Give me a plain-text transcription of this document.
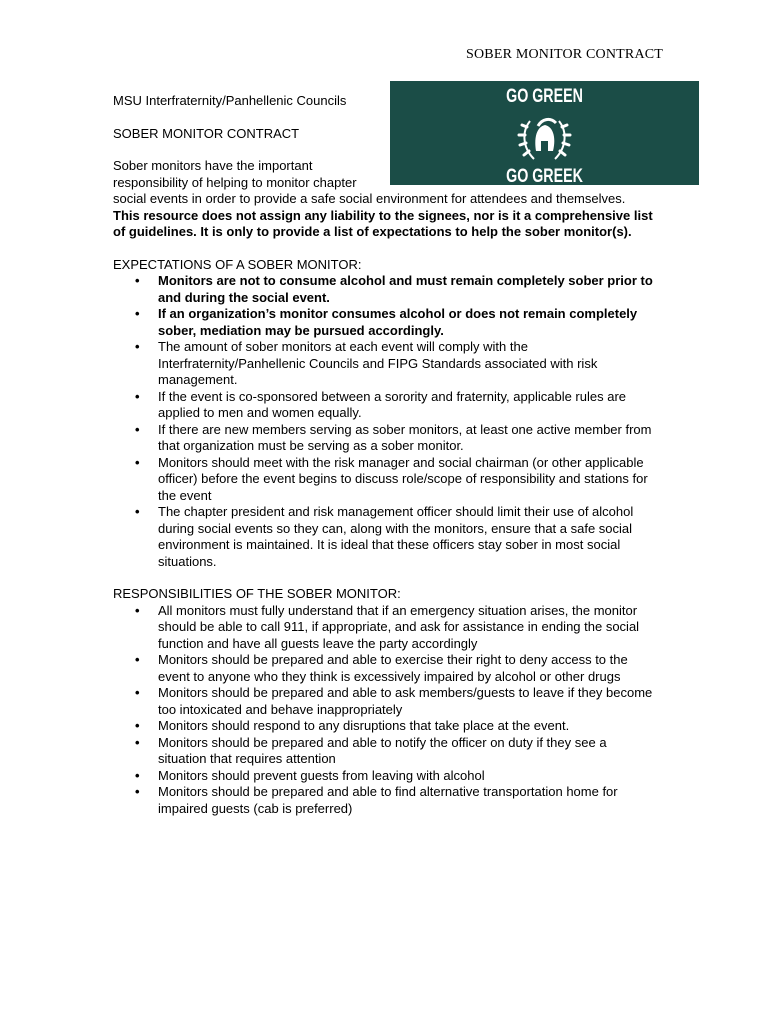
SOBER MONITOR CONTRACT
GO GREEN
GO GREEK

MSU Interfraternity/Panhellenic Councils

SOBER MONITOR CONTRACT

Sober monitors have the important

responsibility of helping to monitor chapter

social events in order to provide a safe social environment for attendees and themselves. This resource does not assign any liability to the signees, nor is it a comprehensive list of guidelines. It is only to provide a list of expectations to help the sober monitor(s).

EXPECTATIONS OF A SOBER MONITOR:

• Monitors are not to consume alcohol and must remain completely sober prior to and during the social event.
• If an organization’s monitor consumes alcohol or does not remain completely sober, mediation may be pursued accordingly.
• The amount of sober monitors at each event will comply with the Interfraternity/Panhellenic Councils and FIPG Standards associated with risk management.
• If the event is co-sponsored between a sorority and fraternity, applicable rules are applied to men and women equally.
• If there are new members serving as sober monitors, at least one active member from that organization must be serving as a sober monitor.
• Monitors should meet with the risk manager and social chairman (or other applicable officer) before the event begins to discuss role/scope of responsibility and stations for the event
• The chapter president and risk management officer should limit their use of alcohol during social events so they can, along with the monitors, ensure that a safe social environment is maintained. It is ideal that these officers stay sober in most social situations.

RESPONSIBILITIES OF THE SOBER MONITOR:

• All monitors must fully understand that if an emergency situation arises, the monitor should be able to call 911, if appropriate, and ask for assistance in ending the social function and have all guests leave the party accordingly
• Monitors should be prepared and able to exercise their right to deny access to the event to anyone who they think is excessively impaired by alcohol or other drugs
• Monitors should be prepared and able to ask members/guests to leave if they become too intoxicated and behave inappropriately
• Monitors should respond to any disruptions that take place at the event.
• Monitors should be prepared and able to notify the officer on duty if they see a situation that requires attention
• Monitors should prevent guests from leaving with alcohol
• Monitors should be prepared and able to find alternative transportation home for impaired guests (cab is preferred)
